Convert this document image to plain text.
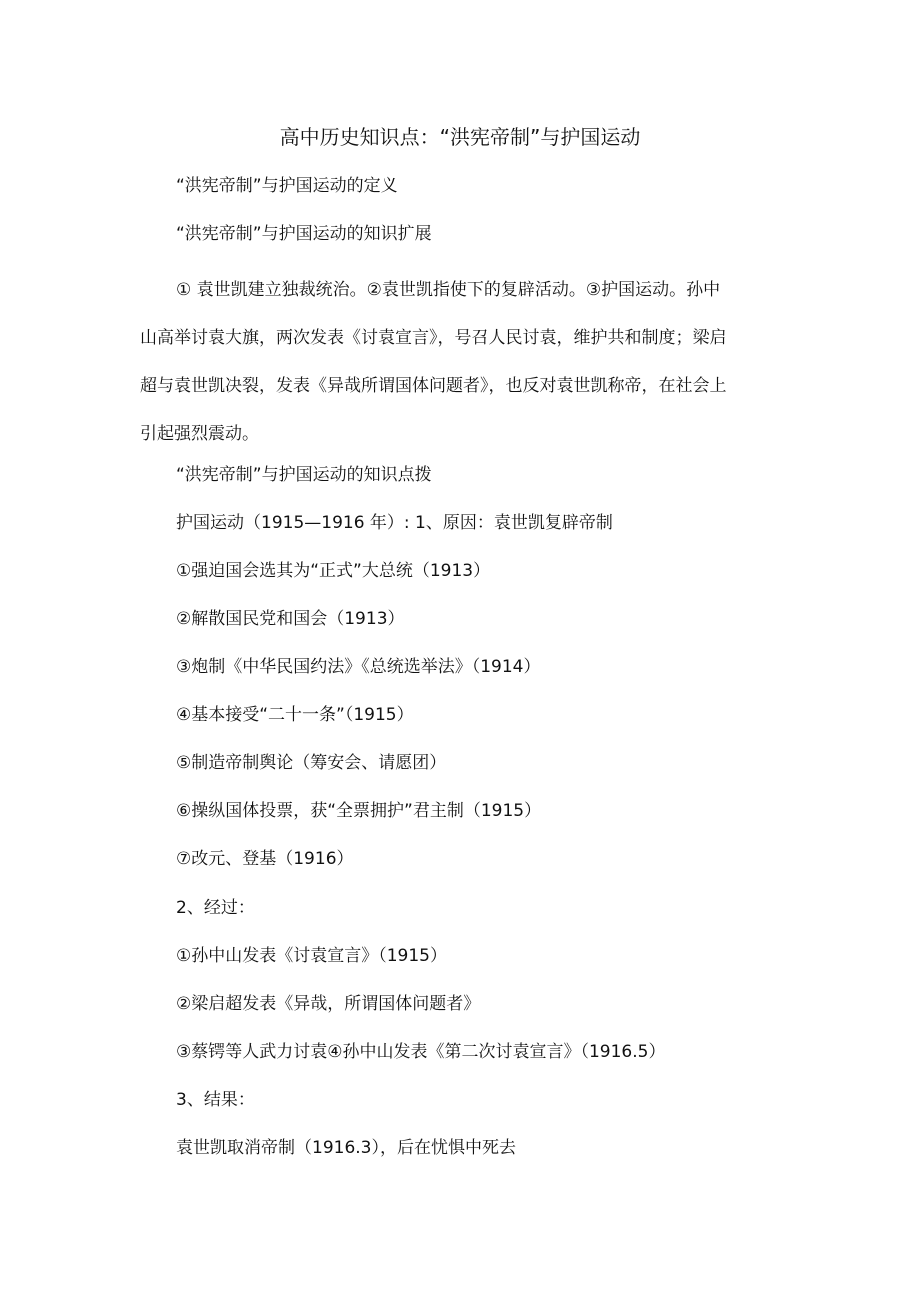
高中历史知识点：“洪宪帝制”与护国运动
“洪宪帝制”与护国运动的定义
“洪宪帝制”与护国运动的知识扩展
① 袁世凯建立独裁统治。②袁世凯指使下的复辟活动。③护国运动。孙中
山高举讨袁大旗，两次发表《讨袁宣言》，号召人民讨袁，维护共和制度；梁启
超与袁世凯决裂，发表《异哉所谓国体问题者》，也反对袁世凯称帝，在社会上
引起强烈震动。
“洪宪帝制”与护国运动的知识点拨
护国运动（1915—1916 年）: 1、原因：袁世凯复辟帝制
①强迫国会选其为“正式”大总统（1913）
②解散国民党和国会（1913）
③炮制《中华民国约法》《总统选举法》（1914）
④基本接受“二十一条”（1915）
⑤制造帝制舆论（筹安会、请愿团）
⑥操纵国体投票，获“全票拥护”君主制（1915）
⑦改元、登基（1916）
2、经过：
①孙中山发表《讨袁宣言》（1915）
②梁启超发表《异哉，所谓国体问题者》
③蔡锷等人武力讨袁④孙中山发表《第二次讨袁宣言》（1916.5）
3、结果：
袁世凯取消帝制（1916.3），后在忧惧中死去
